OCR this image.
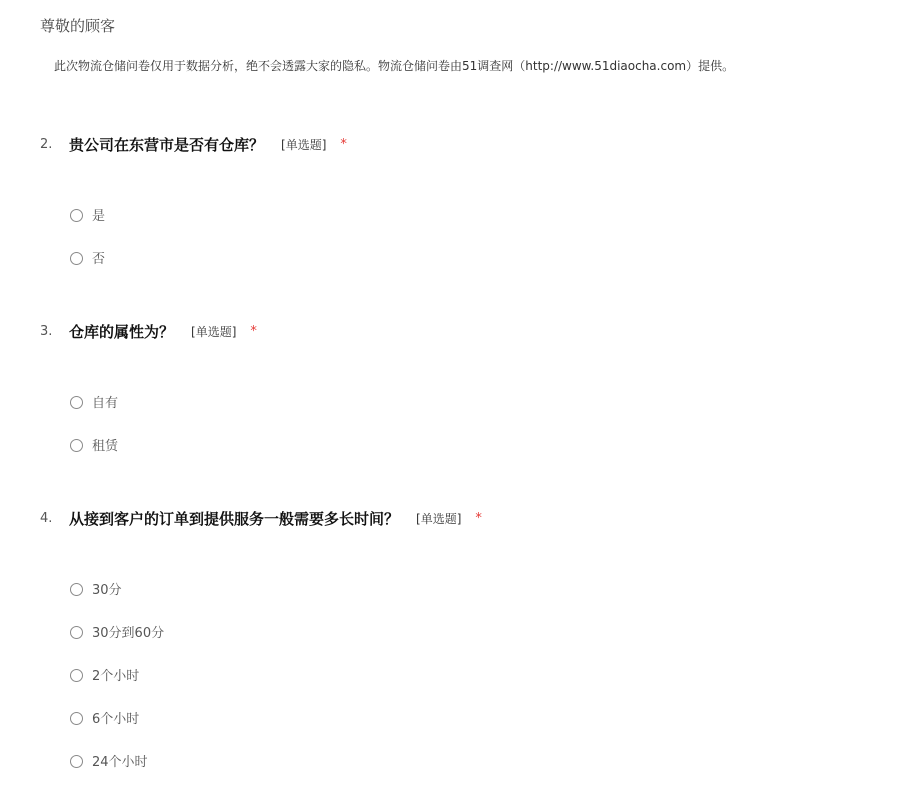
尊敬的顾客
此次物流仓储问卷仅用于数据分析，绝不会透露大家的隐私。物流仓储问卷由51调查网（http://www.51diaocha.com）提供。
2. 贵公司在东营市是否有仓库？ [单选题] *
是
否
3. 仓库的属性为？ [单选题] *
自有
租赁
4. 从接到客户的订单到提供服务一般需要多长时间？ [单选题] *
30分
30分到60分
2个小时
6个小时
24个小时
